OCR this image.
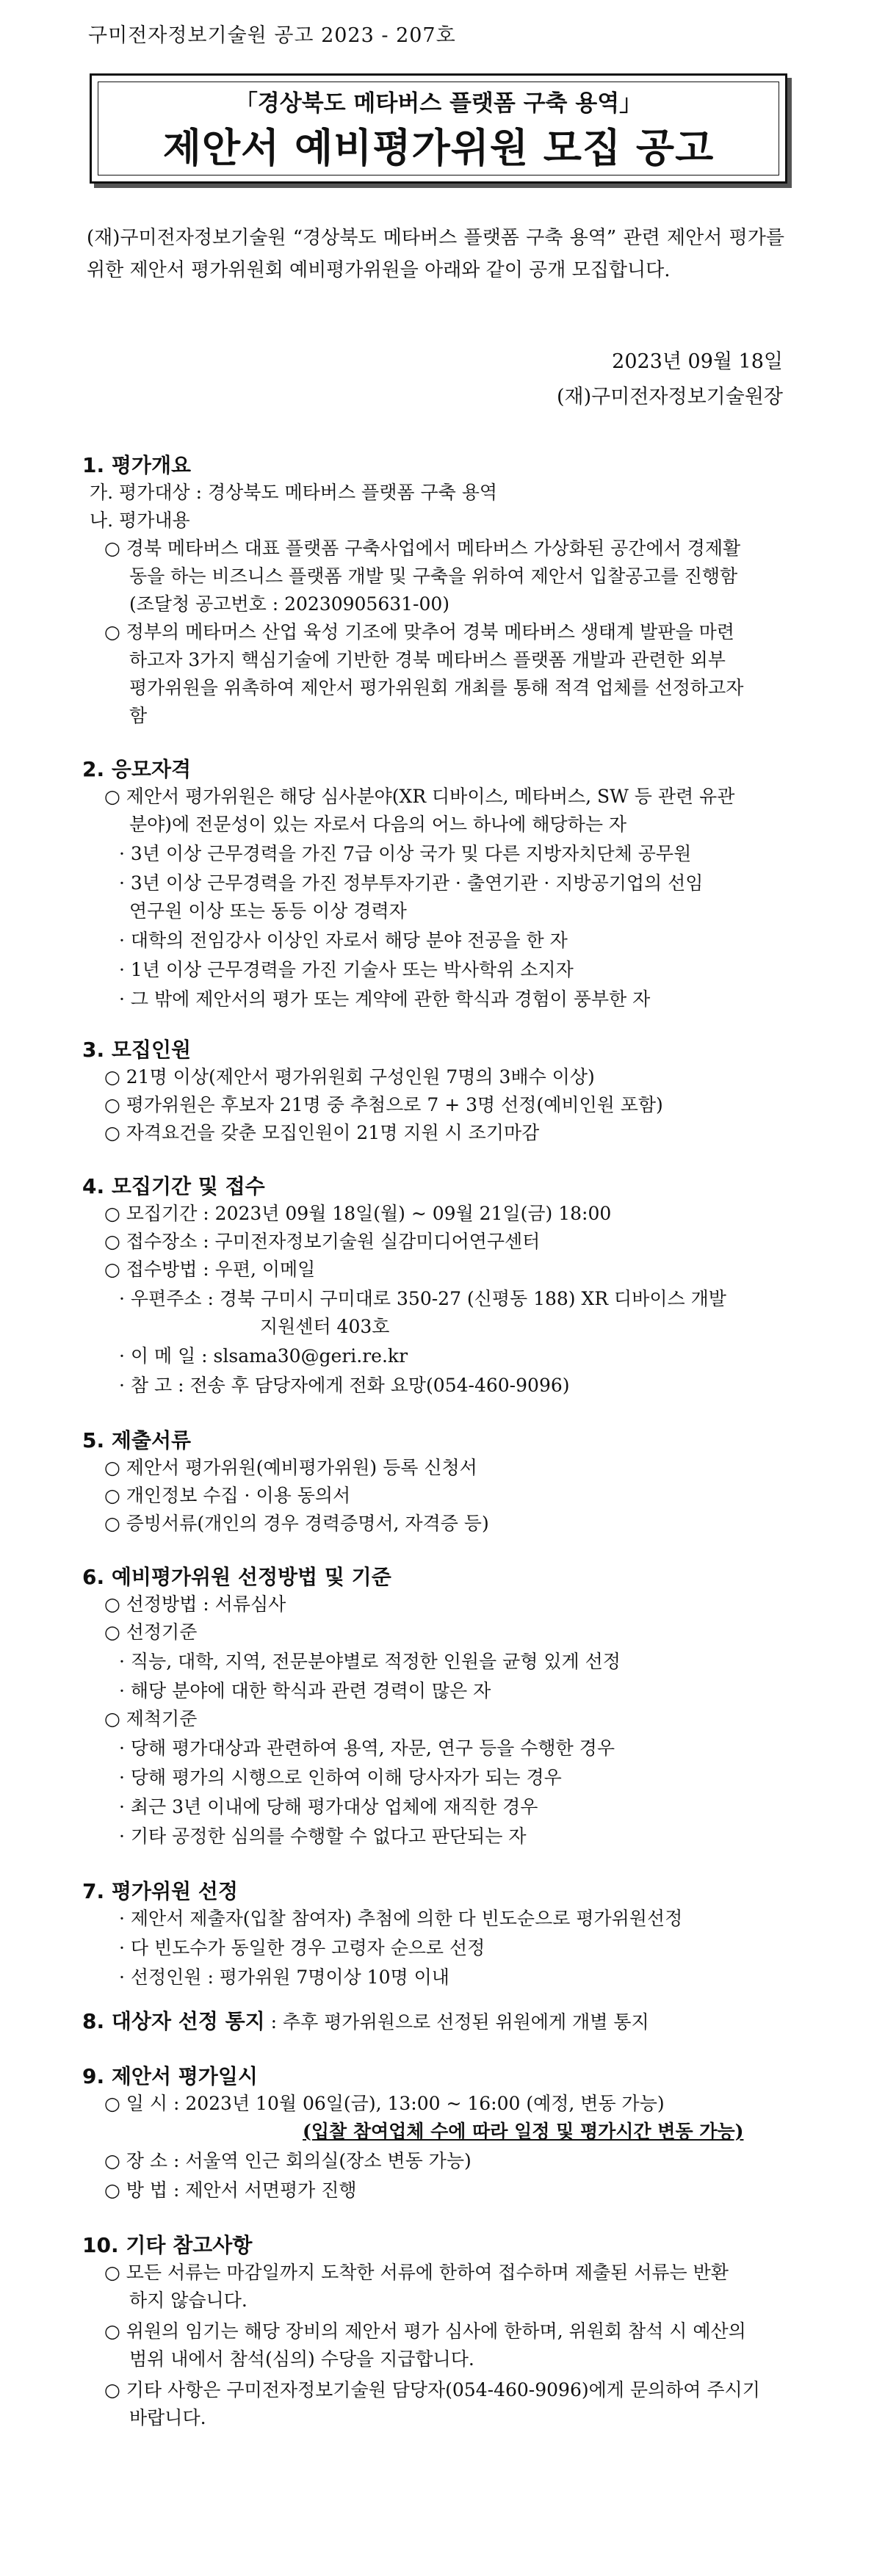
구미전자정보기술원 공고 2023 - 207호
「경상북도 메타버스 플랫폼 구축 용역」
제안서 예비평가위원 모집 공고
(재)구미전자정보기술원 “경상북도 메타버스 플랫폼 구축 용역” 관련 제안서 평가를 위한 제안서 평가위원회 예비평가위원을 아래와 같이 공개 모집합니다.
2023년 09월 18일
(재)구미전자정보기술원장
1. 평가개요
가. 평가대상 : 경상북도 메타버스 플랫폼 구축 용역
나. 평가내용
○ 경북 메타버스 대표 플랫폼 구축사업에서 메타버스 가상화된 공간에서 경제활
동을 하는 비즈니스 플랫폼 개발 및 구축을 위하여 제안서 입찰공고를 진행함
(조달청 공고번호 : 20230905631-00)
○ 정부의 메타머스 산업 육성 기조에 맞추어 경북 메타버스 생태계 발판을 마련
하고자 3가지 핵심기술에 기반한 경북 메타버스 플랫폼 개발과 관련한 외부
평가위원을 위촉하여 제안서 평가위원회 개최를 통해 적격 업체를 선정하고자
함
2. 응모자격
○ 제안서 평가위원은 해당 심사분야(XR 디바이스, 메타버스, SW 등 관련 유관
분야)에 전문성이 있는 자로서 다음의 어느 하나에 해당하는 자
· 3년 이상 근무경력을 가진 7급 이상 국가 및 다른 지방자치단체 공무원
· 3년 이상 근무경력을 가진 정부투자기관 · 출연기관 · 지방공기업의 선임
연구원 이상 또는 동등 이상 경력자
· 대학의 전임강사 이상인 자로서 해당 분야 전공을 한 자
· 1년 이상 근무경력을 가진 기술사 또는 박사학위 소지자
· 그 밖에 제안서의 평가 또는 계약에 관한 학식과 경험이 풍부한 자
3. 모집인원
○ 21명 이상(제안서 평가위원회 구성인원 7명의 3배수 이상)
○ 평가위원은 후보자 21명 중 추첨으로 7 + 3명 선정(예비인원 포함)
○ 자격요건을 갖춘 모집인원이 21명 지원 시 조기마감
4. 모집기간 및 접수
○ 모집기간 : 2023년 09월 18일(월) ~ 09월 21일(금) 18:00
○ 접수장소 : 구미전자정보기술원 실감미디어연구센터
○ 접수방법 : 우편, 이메일
· 우편주소 : 경북 구미시 구미대로 350-27 (신평동 188) XR 디바이스 개발
지원센터 403호
· 이 메 일 : slsama30@geri.re.kr
· 참 고 : 전송 후 담당자에게 전화 요망(054-460-9096)
5. 제출서류
○ 제안서 평가위원(예비평가위원) 등록 신청서
○ 개인정보 수집 · 이용 동의서
○ 증빙서류(개인의 경우 경력증명서, 자격증 등)
6. 예비평가위원 선정방법 및 기준
○ 선정방법 : 서류심사
○ 선정기준
· 직능, 대학, 지역, 전문분야별로 적정한 인원을 균형 있게 선정
· 해당 분야에 대한 학식과 관련 경력이 많은 자
○ 제척기준
· 당해 평가대상과 관련하여 용역, 자문, 연구 등을 수행한 경우
· 당해 평가의 시행으로 인하여 이해 당사자가 되는 경우
· 최근 3년 이내에 당해 평가대상 업체에 재직한 경우
· 기타 공정한 심의를 수행할 수 없다고 판단되는 자
7. 평가위원 선정
· 제안서 제출자(입찰 참여자) 추첨에 의한 다 빈도순으로 평가위원선정
· 다 빈도수가 동일한 경우 고령자 순으로 선정
· 선정인원 : 평가위원 7명이상 10명 이내
8. 대상자 선정 통지 : 추후 평가위원으로 선정된 위원에게 개별 통지
9. 제안서 평가일시
○ 일 시 : 2023년 10월 06일(금), 13:00 ~ 16:00 (예정, 변동 가능)
(입찰 참여업체 수에 따라 일정 및 평가시간 변동 가능)
○ 장 소 : 서울역 인근 회의실(장소 변동 가능)
○ 방 법 : 제안서 서면평가 진행
10. 기타 참고사항
○ 모든 서류는 마감일까지 도착한 서류에 한하여 접수하며 제출된 서류는 반환
하지 않습니다.
○ 위원의 임기는 해당 장비의 제안서 평가 심사에 한하며, 위원회 참석 시 예산의
범위 내에서 참석(심의) 수당을 지급합니다.
○ 기타 사항은 구미전자정보기술원 담당자(054-460-9096)에게 문의하여 주시기
바랍니다.
